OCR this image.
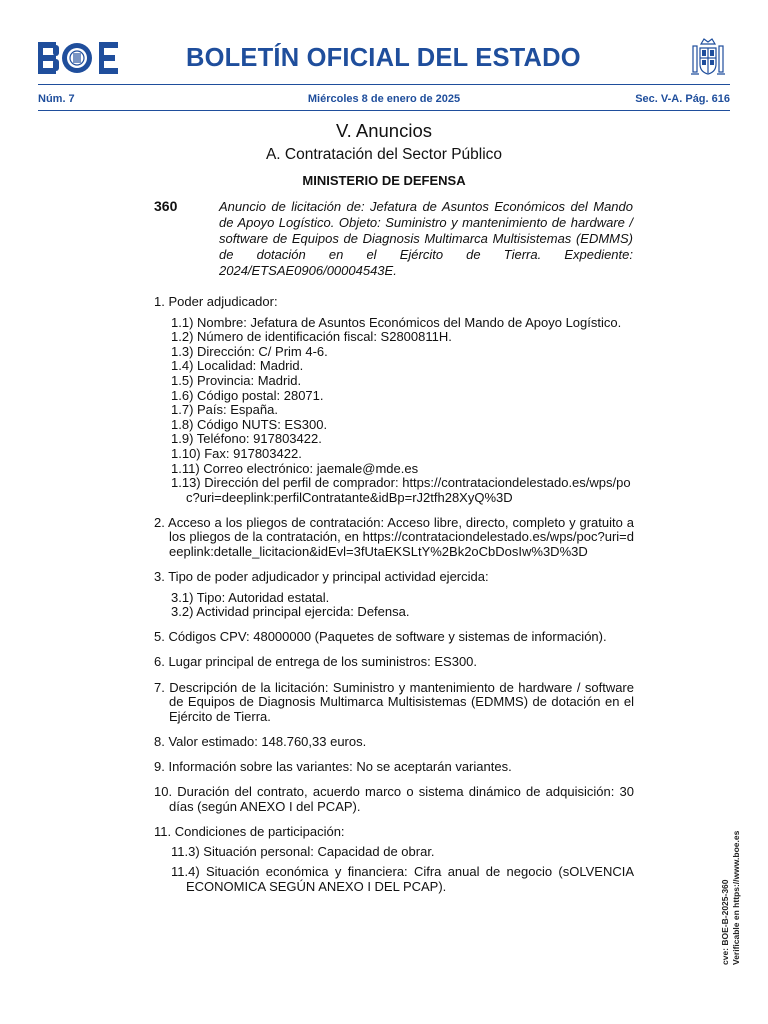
BOLETÍN OFICIAL DEL ESTADO
Núm. 7	Miércoles 8 de enero de 2025	Sec. V-A. Pág. 616
V. Anuncios
A. Contratación del Sector Público
MINISTERIO DE DEFENSA
360	Anuncio de licitación de: Jefatura de Asuntos Económicos del Mando de Apoyo Logístico. Objeto: Suministro y mantenimiento de hardware / software de Equipos de Diagnosis Multimarca Multisistemas (EDMMS) de dotación en el Ejército de Tierra. Expediente: 2024/ETSAE0906/00004543E.

1. Poder adjudicador:

1.1) Nombre: Jefatura de Asuntos Económicos del Mando de Apoyo Logístico.

1.2) Número de identificación fiscal: S2800811H.

1.3) Dirección: C/ Prim 4-6.

1.4) Localidad: Madrid.

1.5) Provincia: Madrid.

1.6) Código postal: 28071.

1.7) País: España.

1.8) Código NUTS: ES300.

1.9) Teléfono: 917803422.

1.10) Fax: 917803422.

1.11) Correo electrónico: jaemale@mde.es

1.13) Dirección del perfil de comprador: https://contrataciondelestado.es/wps/poc?uri=deeplink:perfilContratante&idBp=rJ2tfh28XyQ%3D

2. Acceso a los pliegos de contratación: Acceso libre, directo, completo y gratuito a los pliegos de la contratación, en https://contrataciondelestado.es/wps/poc?uri=deeplink:detalle_licitacion&idEvl=3fUtaEKSLtY%2Bk2oCbDosIw%3D%3D

3. Tipo de poder adjudicador y principal actividad ejercida:

3.1) Tipo: Autoridad estatal.

3.2) Actividad principal ejercida: Defensa.

5. Códigos CPV: 48000000 (Paquetes de software y sistemas de información).

6. Lugar principal de entrega de los suministros: ES300.

7. Descripción de la licitación: Suministro y mantenimiento de hardware / software de Equipos de Diagnosis Multimarca Multisistemas (EDMMS) de dotación en el Ejército de Tierra.

8. Valor estimado: 148.760,33 euros.

9. Información sobre las variantes: No se aceptarán variantes.

10. Duración del contrato, acuerdo marco o sistema dinámico de adquisición: 30 días (según ANEXO I del PCAP).

11. Condiciones de participación:

11.3) Situación personal: Capacidad de obrar.

11.4) Situación económica y financiera: Cifra anual de negocio (sOLVENCIA ECONOMICA SEGÚN ANEXO I DEL PCAP).	cve: BOE-B-2025-360 Verificable en https://www.boe.es
